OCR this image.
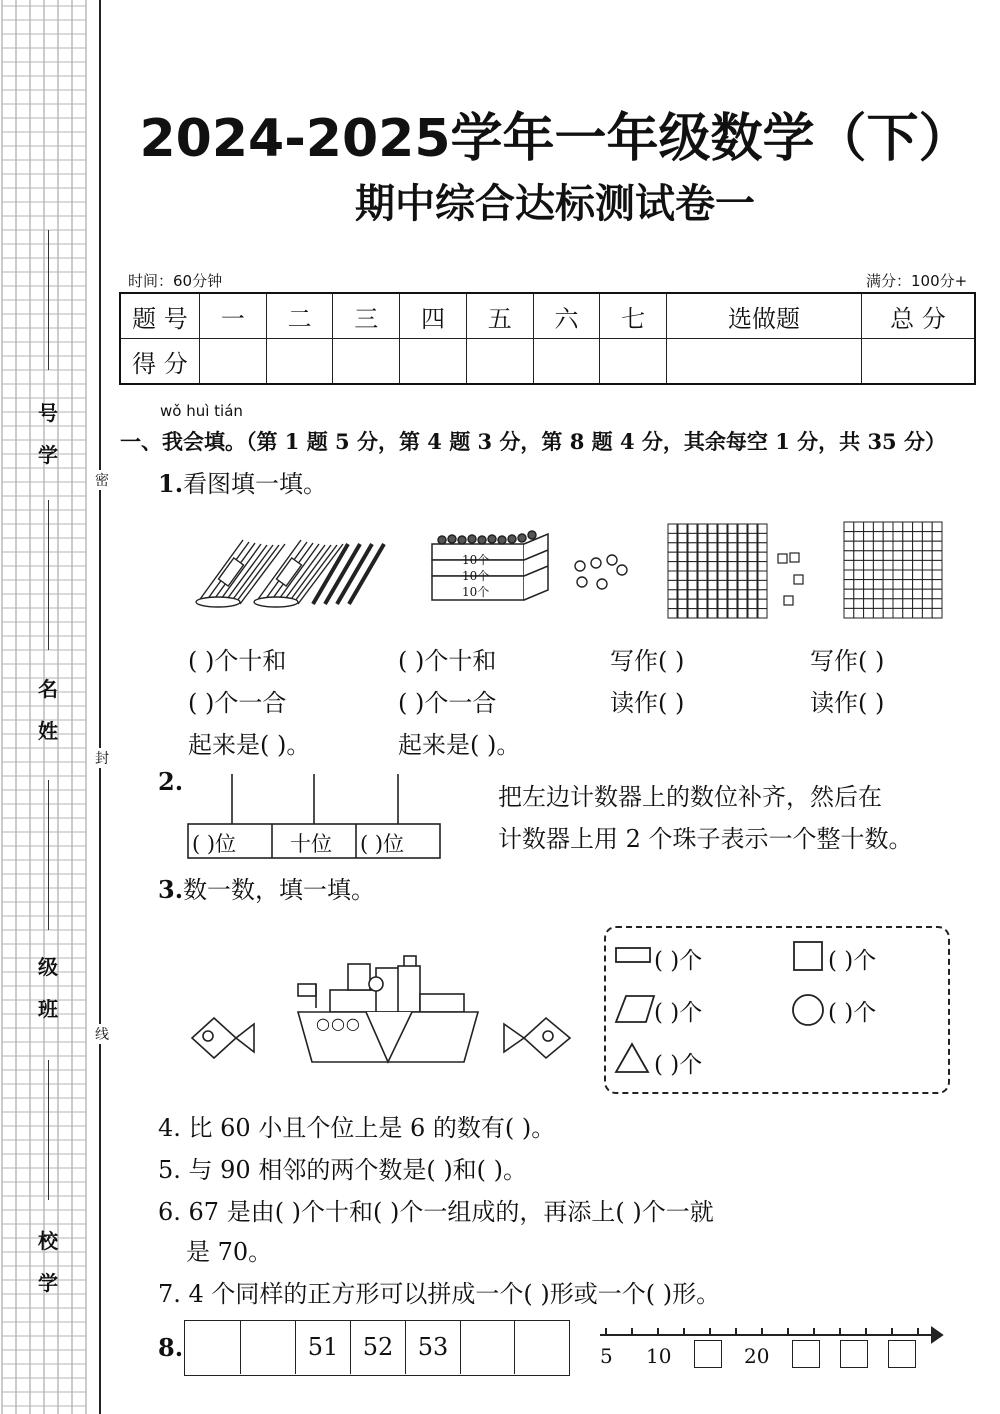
号
学
名
姓
级
班
校
学
密
封
线
2024-2025学年一年级数学（下）
期中综合达标测试卷一
时间：60分钟	满分：100分+
题 号	一	二	三	四	五	六	七	选做题	总 分
得 分									
wǒ huì tián
一、我会填。（第 1 题 5 分，第 4 题 3 分，第 8 题 4 分，其余每空 1 分，共 35 分）
1.看图填一填。
10个
10个
10个
( )个十和
( )个一合
起来是( )。
( )个十和
( )个一合
起来是( )。
写作( )
读作( )
写作( )
读作( )
2.
( )位	十位 ( )位
把左边计数器上的数位补齐，然后在
计数器上用 2 个珠子表示一个整十数。
3.数一数，填一填。
○○○
( )个	( )个
( )个	( )个
( )个
4. 比 60 小且个位上是 6 的数有( )。
5. 与 90 相邻的两个数是( )和( )。
6. 67 是由( )个十和( )个一组成的，再添上( )个一就
是 70。
7. 4 个同样的正方形可以拼成一个( )形或一个( )形。
8.	51	52	53	5 10	20
